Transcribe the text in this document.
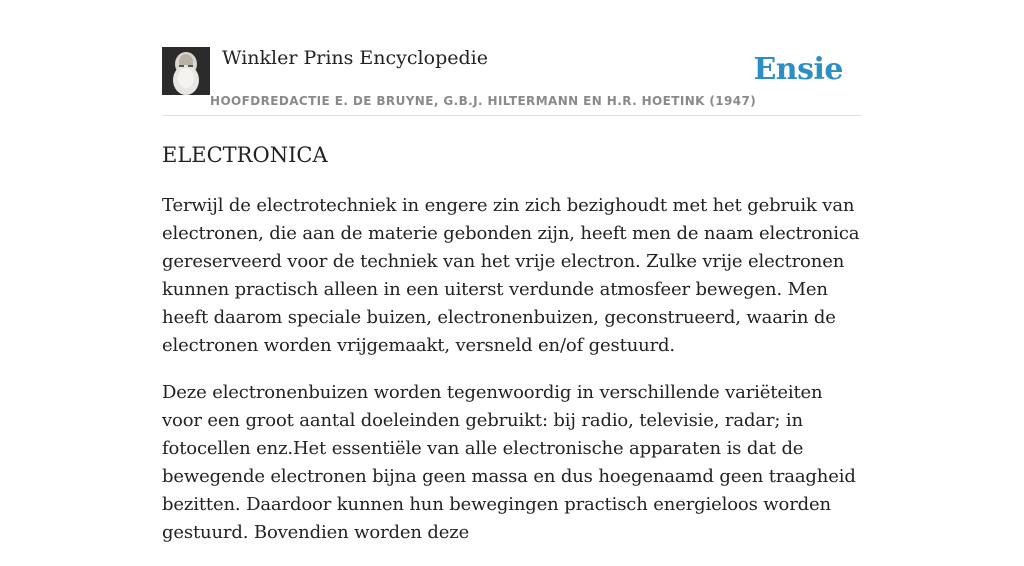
Winkler Prins Encyclopedie
HOOFDREDACTIE E. DE BRUYNE, G.B.J. HILTERMANN EN H.R. HOETINK (1947)
Ensie
ELECTRONICA

Terwijl de electrotechniek in engere zin zich bezighoudt met het gebruik van electronen, die aan de materie gebonden zijn, heeft men de naam electronica gereserveerd voor de techniek van het vrije electron. Zulke vrije electronen kunnen practisch alleen in een uiterst verdunde atmosfeer bewegen. Men heeft daarom speciale buizen, electronenbuizen, geconstrueerd, waarin de electronen worden vrijgemaakt, versneld en/of gestuurd.

Deze electronenbuizen worden tegenwoordig in verschillende variëteiten voor een groot aantal doeleinden gebruikt: bij radio, televisie, radar; in fotocellen enz.Het essentiële van alle electronische apparaten is dat de bewegende electronen bijna geen massa en dus hoegenaamd geen traagheid bezitten. Daardoor kunnen hun bewegingen practisch energieloos worden gestuurd. Bovendien worden deze
